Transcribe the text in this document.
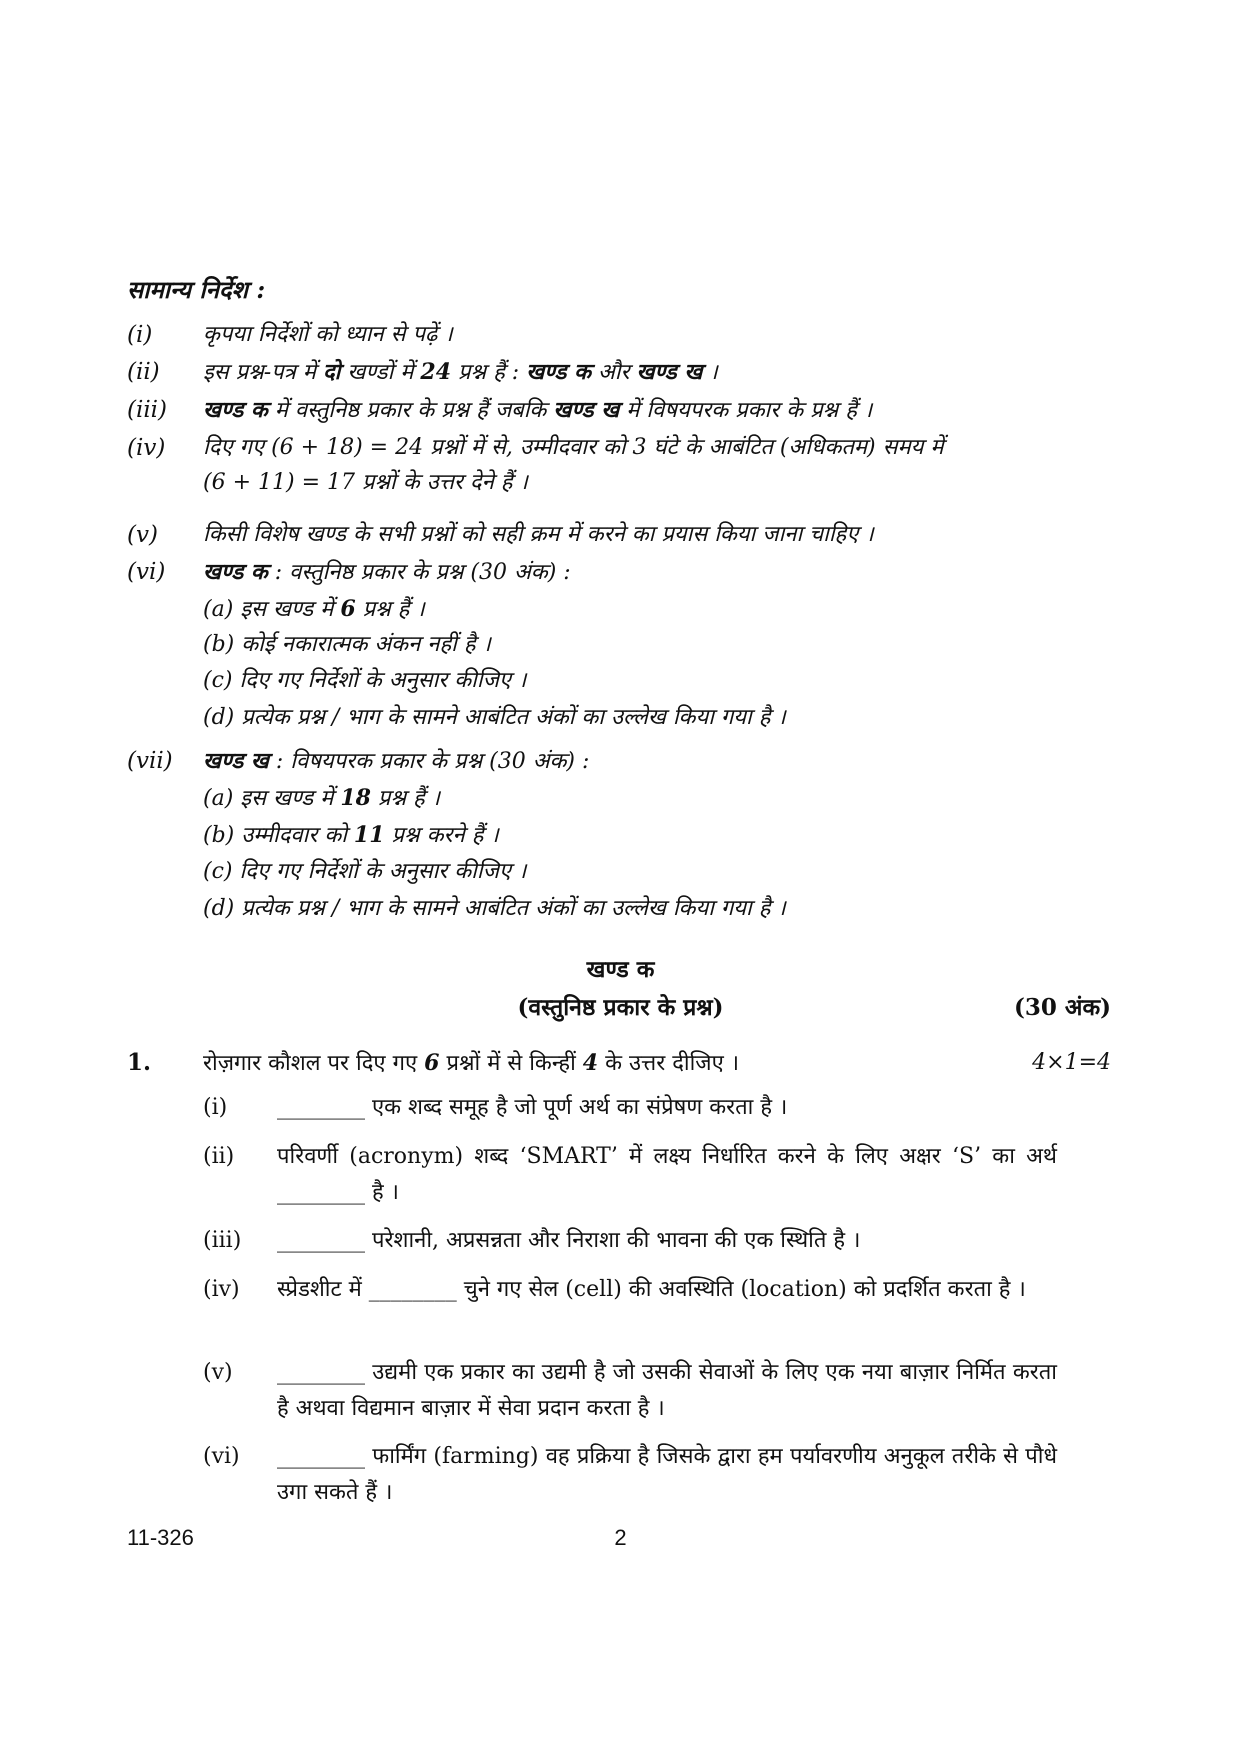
सामान्य निर्देश :
(i) कृपया निर्देशों को ध्यान से पढ़ें ।
(ii) इस प्रश्न-पत्र में दो खण्डों में 24 प्रश्न हैं : खण्ड क और खण्ड ख ।
(iii) खण्ड क में वस्तुनिष्ठ प्रकार के प्रश्न हैं जबकि खण्ड ख में विषयपरक प्रकार के प्रश्न हैं ।
(iv) दिए गए (6 + 18) = 24 प्रश्नों में से, उम्मीदवार को 3 घंटे के आबंटित (अधिकतम) समय में
(6 + 11) = 17 प्रश्नों के उत्तर देने हैं ।
(v) किसी विशेष खण्ड के सभी प्रश्नों को सही क्रम में करने का प्रयास किया जाना चाहिए ।
(vi) खण्ड क : वस्तुनिष्ठ प्रकार के प्रश्न (30 अंक) :
(a) इस खण्ड में 6 प्रश्न हैं ।
(b) कोई नकारात्मक अंकन नहीं है ।
(c) दिए गए निर्देशों के अनुसार कीजिए ।
(d) प्रत्येक प्रश्न / भाग के सामने आबंटित अंकों का उल्लेख किया गया है ।
(vii) खण्ड ख : विषयपरक प्रकार के प्रश्न (30 अंक) :
(a) इस खण्ड में 18 प्रश्न हैं ।
(b) उम्मीदवार को 11 प्रश्न करने हैं ।
(c) दिए गए निर्देशों के अनुसार कीजिए ।
(d) प्रत्येक प्रश्न / भाग के सामने आबंटित अंकों का उल्लेख किया गया है ।
खण्ड क
(वस्तुनिष्ठ प्रकार के प्रश्न)	(30 अंक)
1. रोज़गार कौशल पर दिए गए 6 प्रश्नों में से किन्हीं 4 के उत्तर दीजिए ।	4×1=4
(i) ________ एक शब्द समूह है जो पूर्ण अर्थ का संप्रेषण करता है ।
(ii) परिवर्णी (acronym) शब्द ‘SMART’ में लक्ष्य निर्धारित करने के लिए अक्षर ‘S’ का अर्थ ________ है ।
(iii) ________ परेशानी, अप्रसन्नता और निराशा की भावना की एक स्थिति है ।
(iv) स्प्रेडशीट में ________ चुने गए सेल (cell) की अवस्थिति (location) को प्रदर्शित करता है ।
(v) ________ उद्यमी एक प्रकार का उद्यमी है जो उसकी सेवाओं के लिए एक नया बाज़ार निर्मित करता है अथवा विद्यमान बाज़ार में सेवा प्रदान करता है ।
(vi) ________ फार्मिंग (farming) वह प्रक्रिया है जिसके द्वारा हम पर्यावरणीय अनुकूल तरीके से पौधे उगा सकते हैं ।
11-326	2
